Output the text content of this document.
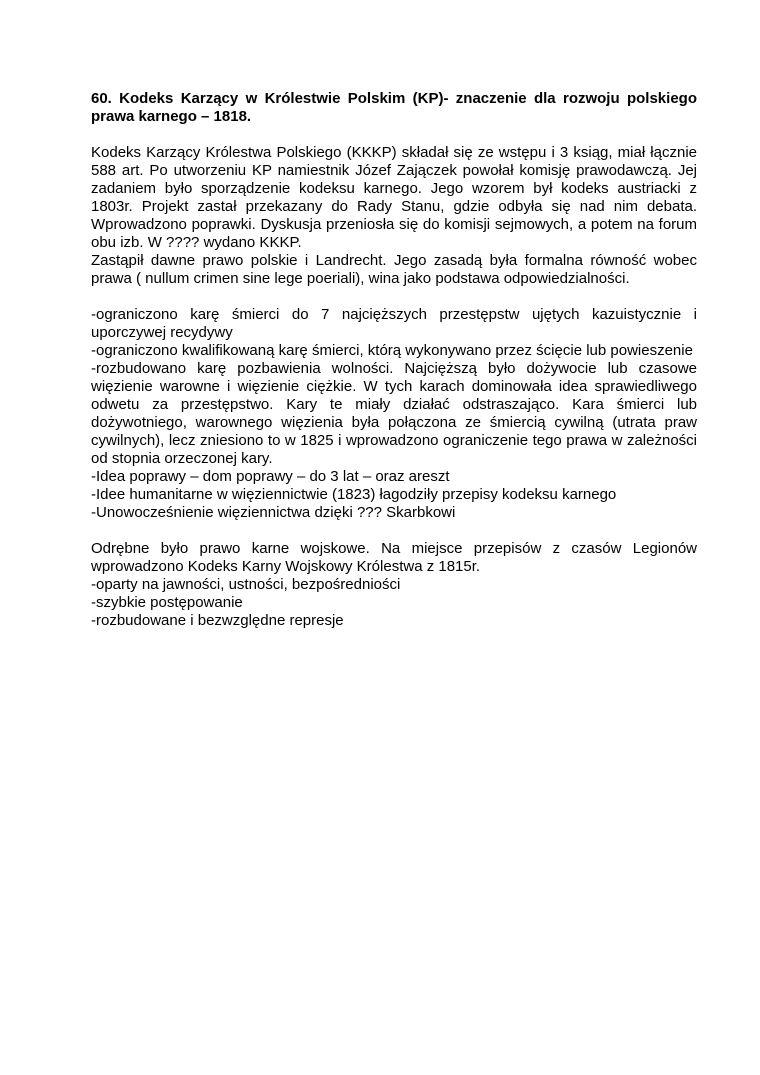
60. Kodeks Karzący w Królestwie Polskim (KP)- znaczenie dla rozwoju polskiego prawa karnego – 1818.

Kodeks Karzący Królestwa Polskiego (KKKP) składał się ze wstępu i 3 ksiąg, miał łącznie 588 art. Po utworzeniu KP namiestnik Józef Zajączek powołał komisję prawodawczą. Jej zadaniem było sporządzenie kodeksu karnego. Jego wzorem był kodeks austriacki z 1803r. Projekt zastał przekazany do Rady Stanu, gdzie odbyła się nad nim debata. Wprowadzono poprawki. Dyskusja przeniosła się do komisji sejmowych, a potem na forum obu izb. W ???? wydano KKKP.

Zastąpił dawne prawo polskie i Landrecht. Jego zasadą była formalna równość wobec prawa ( nullum crimen sine lege poeriali), wina jako podstawa odpowiedzialności.

-ograniczono karę śmierci do 7 najcięższych przestępstw ujętych kazuistycznie i uporczywej recydywy

-ograniczono kwalifikowaną karę śmierci, którą wykonywano przez ścięcie lub powieszenie

-rozbudowano karę pozbawienia wolności. Najcięższą było dożywocie lub czasowe więzienie warowne i więzienie ciężkie. W tych karach dominowała idea sprawiedliwego odwetu za przestępstwo. Kary te miały działać odstraszająco. Kara śmierci lub dożywotniego, warownego więzienia była połączona ze śmiercią cywilną (utrata praw cywilnych), lecz zniesiono to w 1825 i wprowadzono ograniczenie tego prawa w zależności od stopnia orzeczonej kary.

-Idea poprawy – dom poprawy – do 3 lat – oraz areszt

-Idee humanitarne w więziennictwie (1823) łagodziły przepisy kodeksu karnego

-Unowocześnienie więziennictwa dzięki ??? Skarbkowi

Odrębne było prawo karne wojskowe. Na miejsce przepisów z czasów Legionów wprowadzono Kodeks Karny Wojskowy Królestwa z 1815r.

-oparty na jawności, ustności, bezpośredniości

-szybkie postępowanie

-rozbudowane i bezwzględne represje
